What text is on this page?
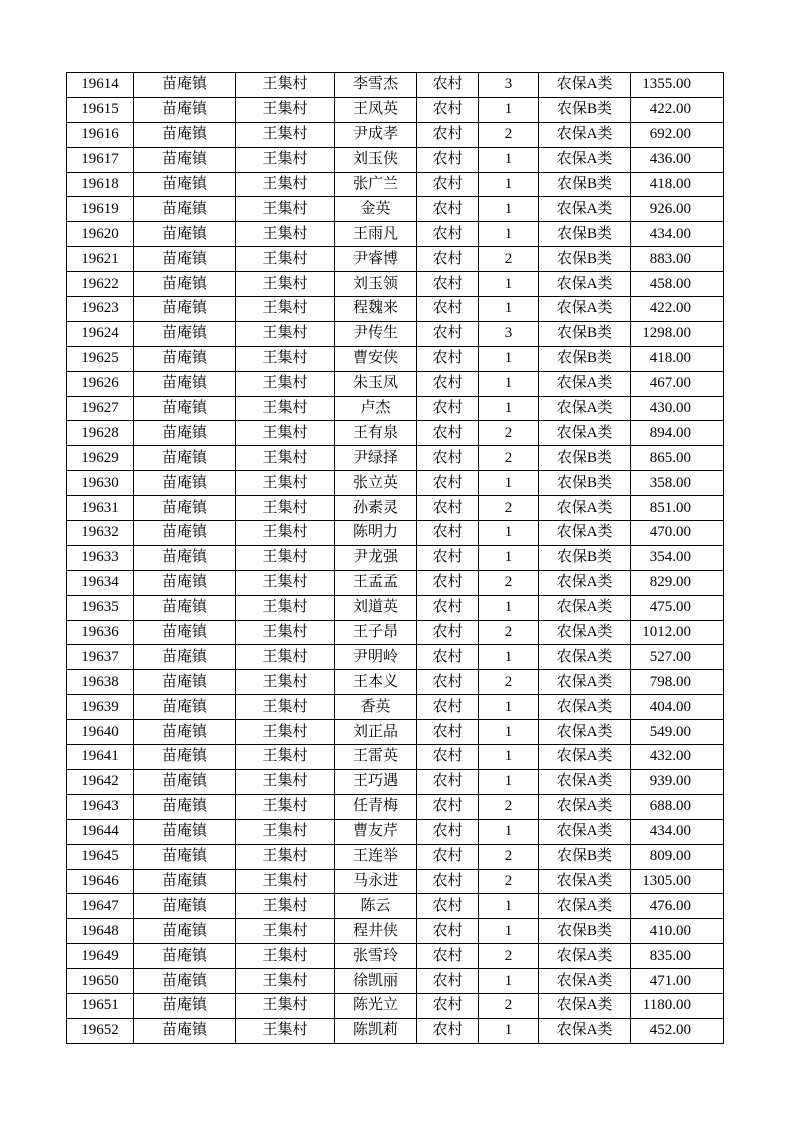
19614	苗庵镇	王集村	李雪杰	农村	3	农保A类	1355.00
19615	苗庵镇	王集村	王凤英	农村	1	农保B类	422.00
19616	苗庵镇	王集村	尹成孝	农村	2	农保A类	692.00
19617	苗庵镇	王集村	刘玉侠	农村	1	农保A类	436.00
19618	苗庵镇	王集村	张广兰	农村	1	农保B类	418.00
19619	苗庵镇	王集村	金英	农村	1	农保A类	926.00
19620	苗庵镇	王集村	王雨凡	农村	1	农保B类	434.00
19621	苗庵镇	王集村	尹睿博	农村	2	农保B类	883.00
19622	苗庵镇	王集村	刘玉领	农村	1	农保A类	458.00
19623	苗庵镇	王集村	程魏来	农村	1	农保A类	422.00
19624	苗庵镇	王集村	尹传生	农村	3	农保B类	1298.00
19625	苗庵镇	王集村	曹安侠	农村	1	农保B类	418.00
19626	苗庵镇	王集村	朱玉凤	农村	1	农保A类	467.00
19627	苗庵镇	王集村	卢杰	农村	1	农保A类	430.00
19628	苗庵镇	王集村	王有泉	农村	2	农保A类	894.00
19629	苗庵镇	王集村	尹绿择	农村	2	农保B类	865.00
19630	苗庵镇	王集村	张立英	农村	1	农保B类	358.00
19631	苗庵镇	王集村	孙素灵	农村	2	农保A类	851.00
19632	苗庵镇	王集村	陈明力	农村	1	农保A类	470.00
19633	苗庵镇	王集村	尹龙强	农村	1	农保B类	354.00
19634	苗庵镇	王集村	王孟孟	农村	2	农保A类	829.00
19635	苗庵镇	王集村	刘道英	农村	1	农保A类	475.00
19636	苗庵镇	王集村	王子昂	农村	2	农保A类	1012.00
19637	苗庵镇	王集村	尹明岭	农村	1	农保A类	527.00
19638	苗庵镇	王集村	王本义	农村	2	农保A类	798.00
19639	苗庵镇	王集村	香英	农村	1	农保A类	404.00
19640	苗庵镇	王集村	刘正品	农村	1	农保A类	549.00
19641	苗庵镇	王集村	王雷英	农村	1	农保A类	432.00
19642	苗庵镇	王集村	王巧遇	农村	1	农保A类	939.00
19643	苗庵镇	王集村	任青梅	农村	2	农保A类	688.00
19644	苗庵镇	王集村	曹友芹	农村	1	农保A类	434.00
19645	苗庵镇	王集村	王连举	农村	2	农保B类	809.00
19646	苗庵镇	王集村	马永进	农村	2	农保A类	1305.00
19647	苗庵镇	王集村	陈云	农村	1	农保A类	476.00
19648	苗庵镇	王集村	程井侠	农村	1	农保B类	410.00
19649	苗庵镇	王集村	张雪玲	农村	2	农保A类	835.00
19650	苗庵镇	王集村	徐凯丽	农村	1	农保A类	471.00
19651	苗庵镇	王集村	陈光立	农村	2	农保A类	1180.00
19652	苗庵镇	王集村	陈凯莉	农村	1	农保A类	452.00
